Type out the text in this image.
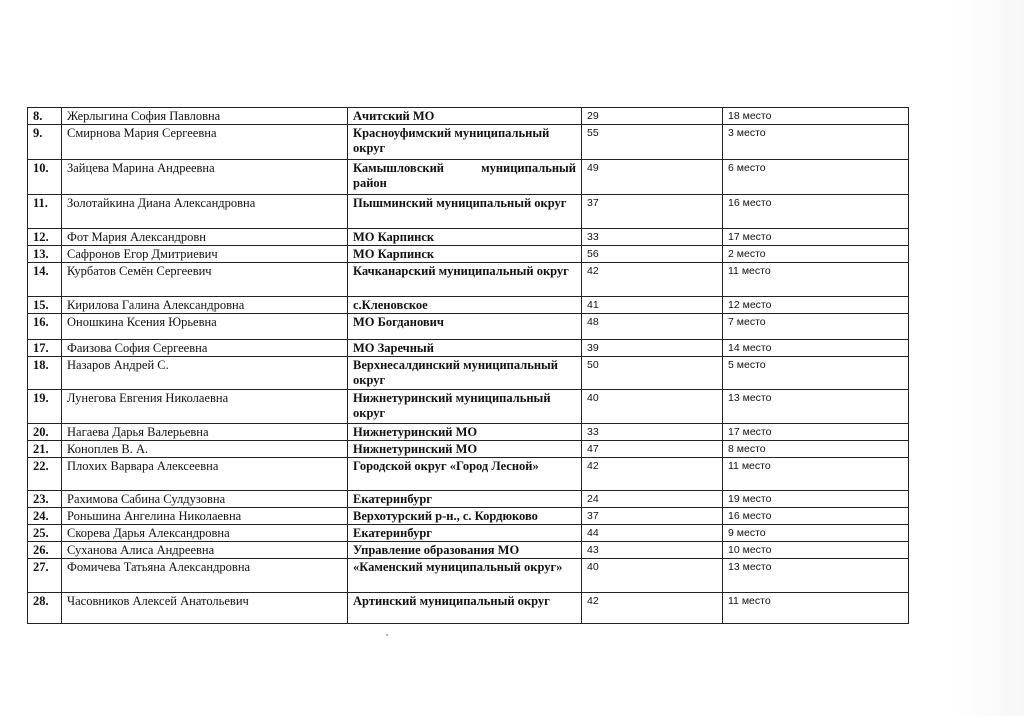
8.	Жерлыгина София Павловна	Ачитский МО	29	18 место
9.	Смирнова Мария Сергеевна	Красноуфимский муниципальный округ	55	3 место
10.	Зайцева Марина Андреевна	Камышловский муниципальный район	49	6 место
11.	Золотайкина Диана Александровна	Пышминский муниципальный округ	37	16 место
12.	Фот Мария Александровн	МО Карпинск	33	17 место
13.	Сафронов Егор Дмитриевич	МО Карпинск	56	2 место
14.	Курбатов Семён Сергеевич	Качканарский муниципальный округ	42	11 место
15.	Кирилова Галина Александровна	с.Кленовское	41	12 место
16.	Оношкина Ксения Юрьевна	МО Богданович	48	7 место
17.	Фаизова София Сергеевна	МО Заречный	39	14 место
18.	Назаров Андрей С.	Верхнесалдинский муниципальный округ	50	5 место
19.	Лунегова Евгения Николаевна	Нижнетуринский муниципальный округ	40	13 место
20.	Нагаева Дарья Валерьевна	Нижнетуринский МО	33	17 место
21.	Коноплев В. А.	Нижнетуринский МО	47	8 место
22.	Плохих Варвара Алексеевна	Городской округ «Город Лесной»	42	11 место
23.	Рахимова Сабина Сулдузовна	Екатеринбург	24	19 место
24.	Роньшина Ангелина Николаевна	Верхотурский р-н., с. Кордюково	37	16 место
25.	Скорева Дарья Александровна	Екатеринбург	44	9 место
26.	Суханова Алиса Андреевна	Управление образования МО	43	10 место
27.	Фомичева Татьяна Александровна	«Каменский муниципальный округ»	40	13 место
28.	Часовников Алексей Анатольевич	Артинский муниципальный округ	42	11 место
